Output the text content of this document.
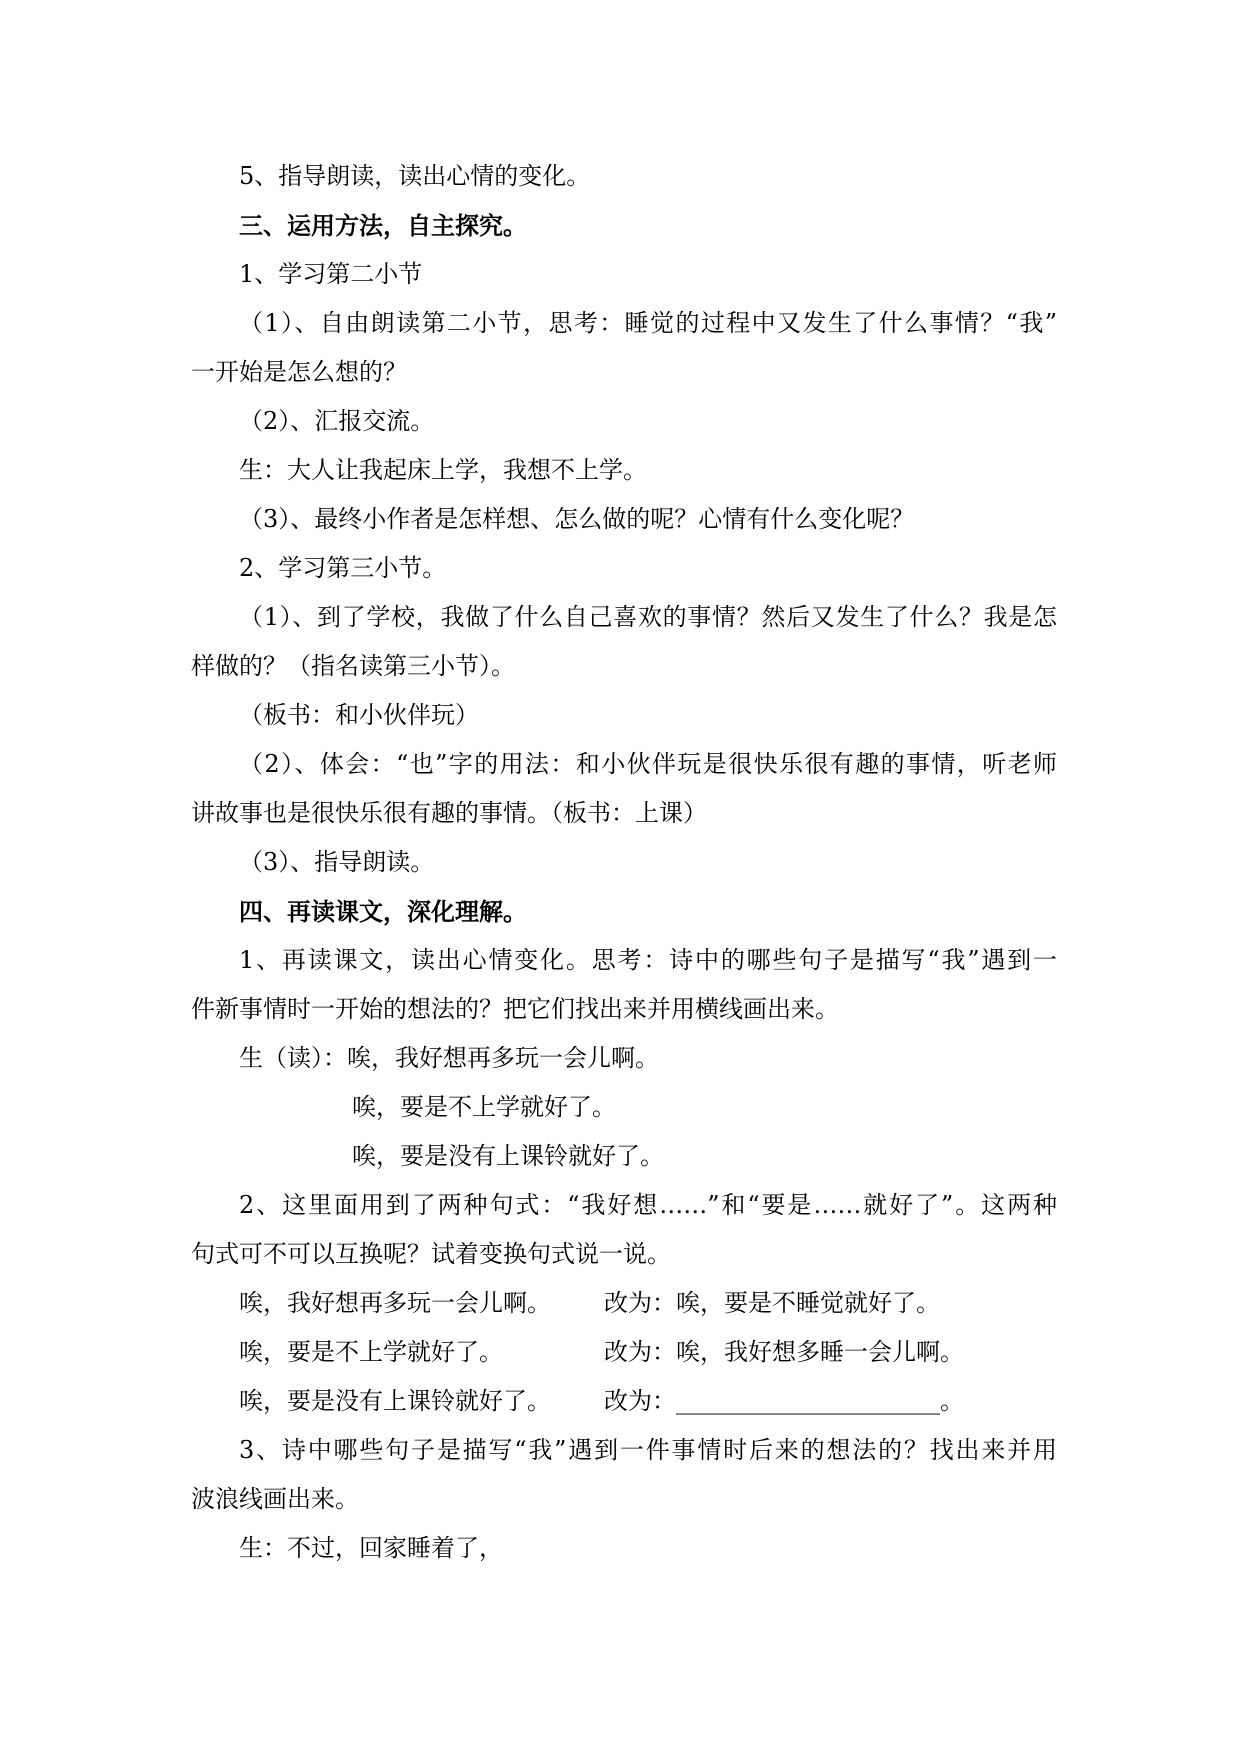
5、指导朗读，读出心情的变化。
三、运用方法，自主探究。
1、学习第二小节
（1）、自由朗读第二小节，思考：睡觉的过程中又发生了什么事情？“我”
一开始是怎么想的？
（2）、汇报交流。
生：大人让我起床上学，我想不上学。
（3）、最终小作者是怎样想、怎么做的呢？心情有什么变化呢？
2、学习第三小节。
（1）、到了学校，我做了什么自己喜欢的事情？然后又发生了什么？我是怎
样做的？（指名读第三小节）。
（板书：和小伙伴玩）
（2）、体会：“也”字的用法：和小伙伴玩是很快乐很有趣的事情，听老师
讲故事也是很快乐很有趣的事情。（板书：上课）
（3）、指导朗读。
四、再读课文，深化理解。
1、再读课文，读出心情变化。思考：诗中的哪些句子是描写“我”遇到一
件新事情时一开始的想法的？把它们找出来并用横线画出来。
生（读）：唉，我好想再多玩一会儿啊。
唉，要是不上学就好了。
唉，要是没有上课铃就好了。
2、这里面用到了两种句式：“我好想……”和“要是……就好了”。这两种
句式可不可以互换呢？试着变换句式说一说。
唉，我好想再多玩一会儿啊。 改为：唉，要是不睡觉就好了。
唉，要是不上学就好了。	改为：唉，我好想多睡一会儿啊。
唉，要是没有上课铃就好了。 改为：______________________。
3、诗中哪些句子是描写“我”遇到一件事情时后来的想法的？找出来并用
波浪线画出来。
生：不过，回家睡着了，
